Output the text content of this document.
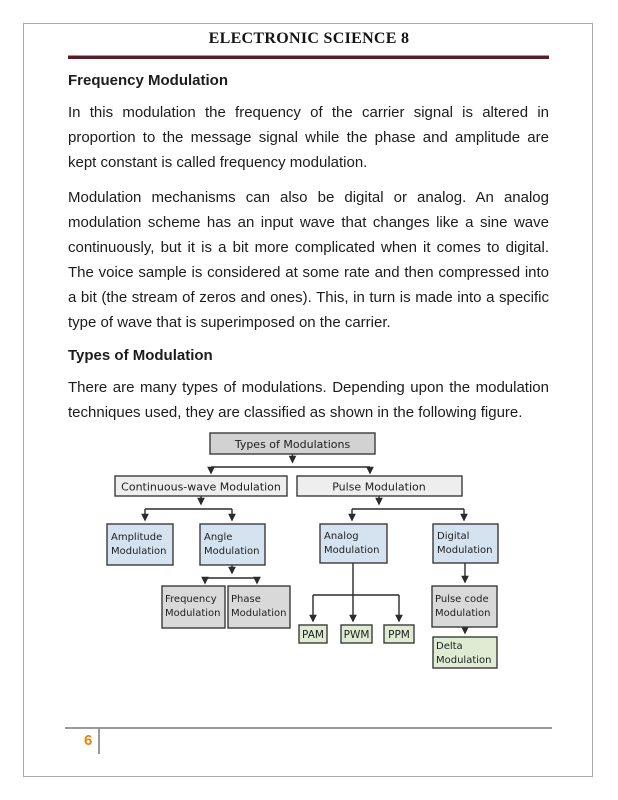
ELECTRONIC SCIENCE 8
Frequency Modulation

In this modulation the frequency of the carrier signal is altered in proportion to the message signal while the phase and amplitude are kept constant is called frequency modulation.

Modulation mechanisms can also be digital or analog. An analog modulation scheme has an input wave that changes like a sine wave continuously, but it is a bit more complicated when it comes to digital. The voice sample is considered at some rate and then compressed into a bit (the stream of zeros and ones). This, in turn is made into a specific type of wave that is superimposed on the carrier.

Types of Modulation

There are many types of modulations. Depending upon the modulation techniques used, they are classified as shown in the following figure.

Types of Modulations
Continuous-wave Modulation	Pulse Modulation
Amplitude
Modulation
Angle
Modulation
Analog
Modulation
Digital
Modulation
Frequency
Modulation
Phase
Modulation
PAM PWM PPM
Pulse code
Modulation
Delta
Modulation
6
